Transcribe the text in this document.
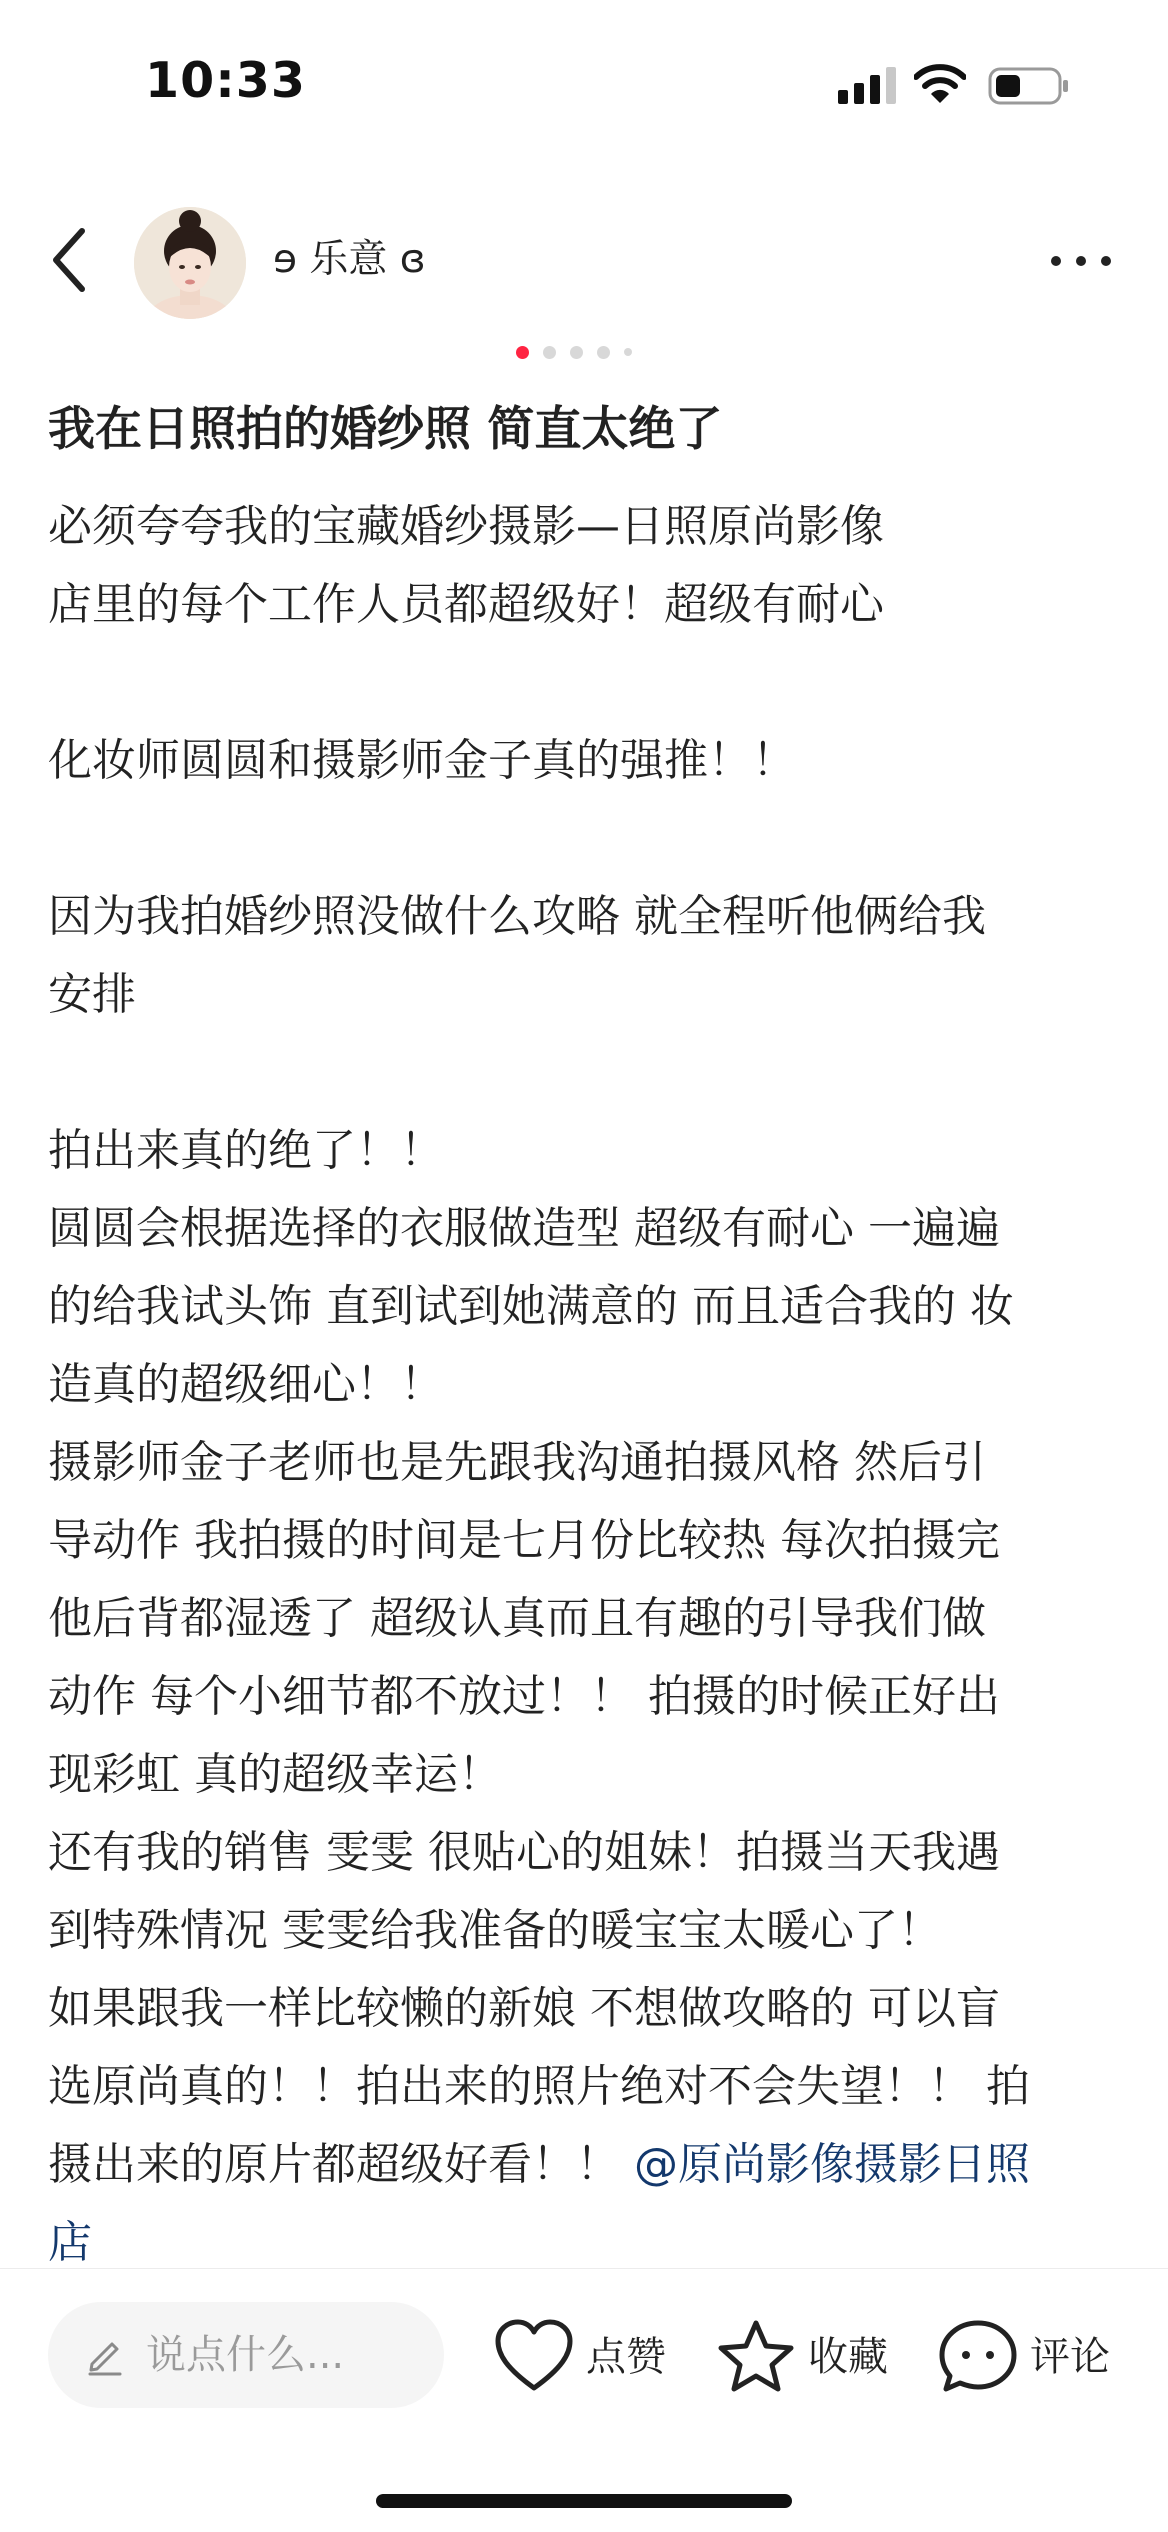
10:33
ɘ 乐意 ɞ
我在日照拍的婚纱照 简直太绝了
必须夸夸我的宝藏婚纱摄影—日照原尚影像
店里的每个工作人员都超级好！超级有耐心
化妆师圆圆和摄影师金子真的强推！！
因为我拍婚纱照没做什么攻略 就全程听他俩给我
安排
拍出来真的绝了！！
圆圆会根据选择的衣服做造型 超级有耐心 一遍遍
的给我试头饰 直到试到她满意的 而且适合我的 妆
造真的超级细心！！
摄影师金子老师也是先跟我沟通拍摄风格 然后引
导动作 我拍摄的时间是七月份比较热 每次拍摄完
他后背都湿透了 超级认真而且有趣的引导我们做
动作 每个小细节都不放过！！ 拍摄的时候正好出
现彩虹 真的超级幸运！
还有我的销售 雯雯 很贴心的姐妹！拍摄当天我遇
到特殊情况 雯雯给我准备的暖宝宝太暖心了！
如果跟我一样比较懒的新娘 不想做攻略的 可以盲
选原尚真的！！拍出来的照片绝对不会失望！！ 拍
摄出来的原片都超级好看！！ @原尚影像摄影日照
店
说点什么...	点赞	收藏	评论
